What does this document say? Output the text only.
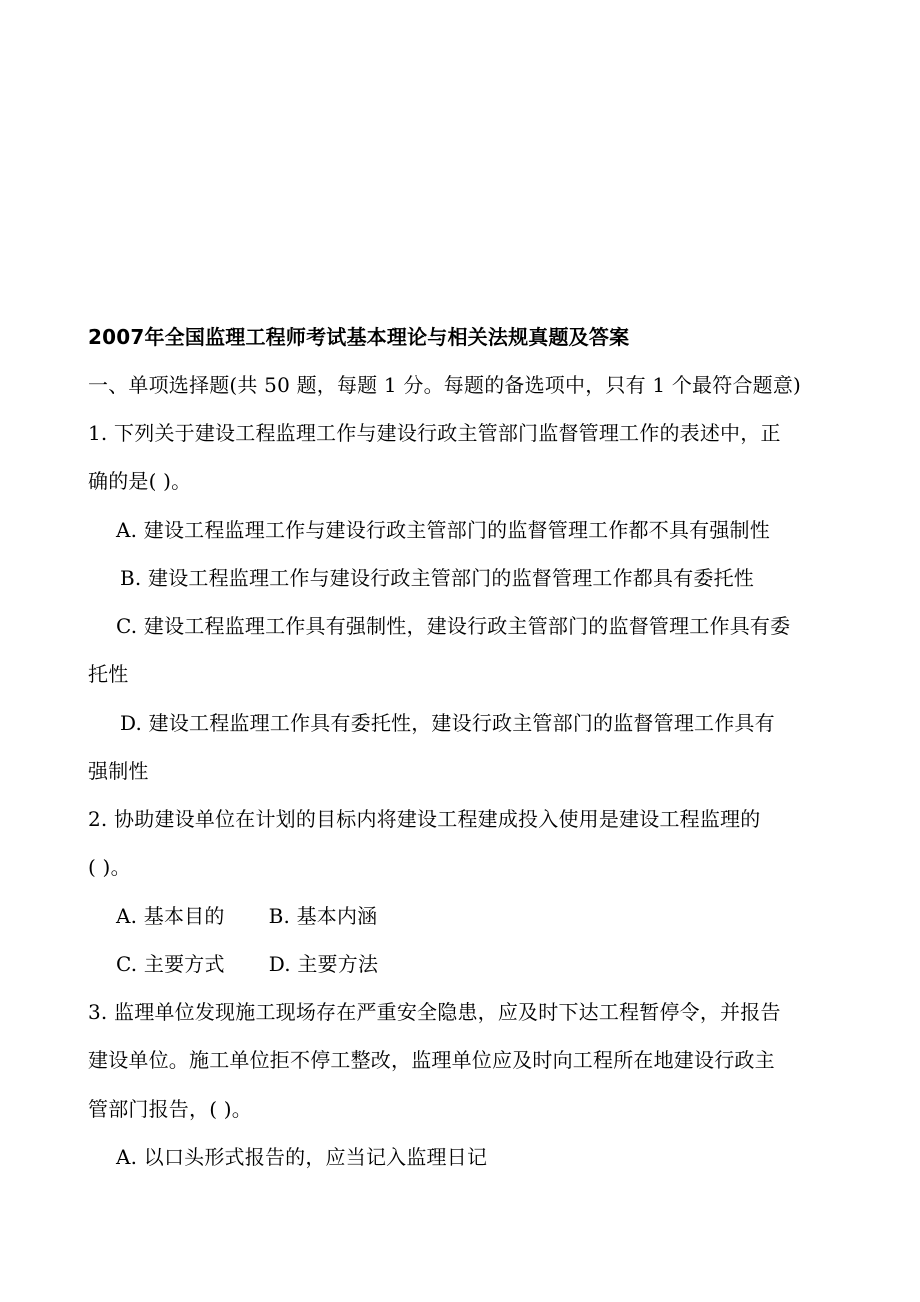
2007年全国监理工程师考试基本理论与相关法规真题及答案
一、单项选择题(共 50 题，每题 1 分。每题的备选项中，只有 1 个最符合题意)
1. 下列关于建设工程监理工作与建设行政主管部门监督管理工作的表述中，正
确的是( )。
A. 建设工程监理工作与建设行政主管部门的监督管理工作都不具有强制性
B. 建设工程监理工作与建设行政主管部门的监督管理工作都具有委托性
C. 建设工程监理工作具有强制性，建设行政主管部门的监督管理工作具有委
托性
D. 建设工程监理工作具有委托性，建设行政主管部门的监督管理工作具有
强制性
2. 协助建设单位在计划的目标内将建设工程建成投入使用是建设工程监理的
( )。
A. 基本目的 B. 基本内涵
C. 主要方式 D. 主要方法
3. 监理单位发现施工现场存在严重安全隐患，应及时下达工程暂停令，并报告
建设单位。施工单位拒不停工整改，监理单位应及时向工程所在地建设行政主
管部门报告，( )。
A. 以口头形式报告的，应当记入监理日记
